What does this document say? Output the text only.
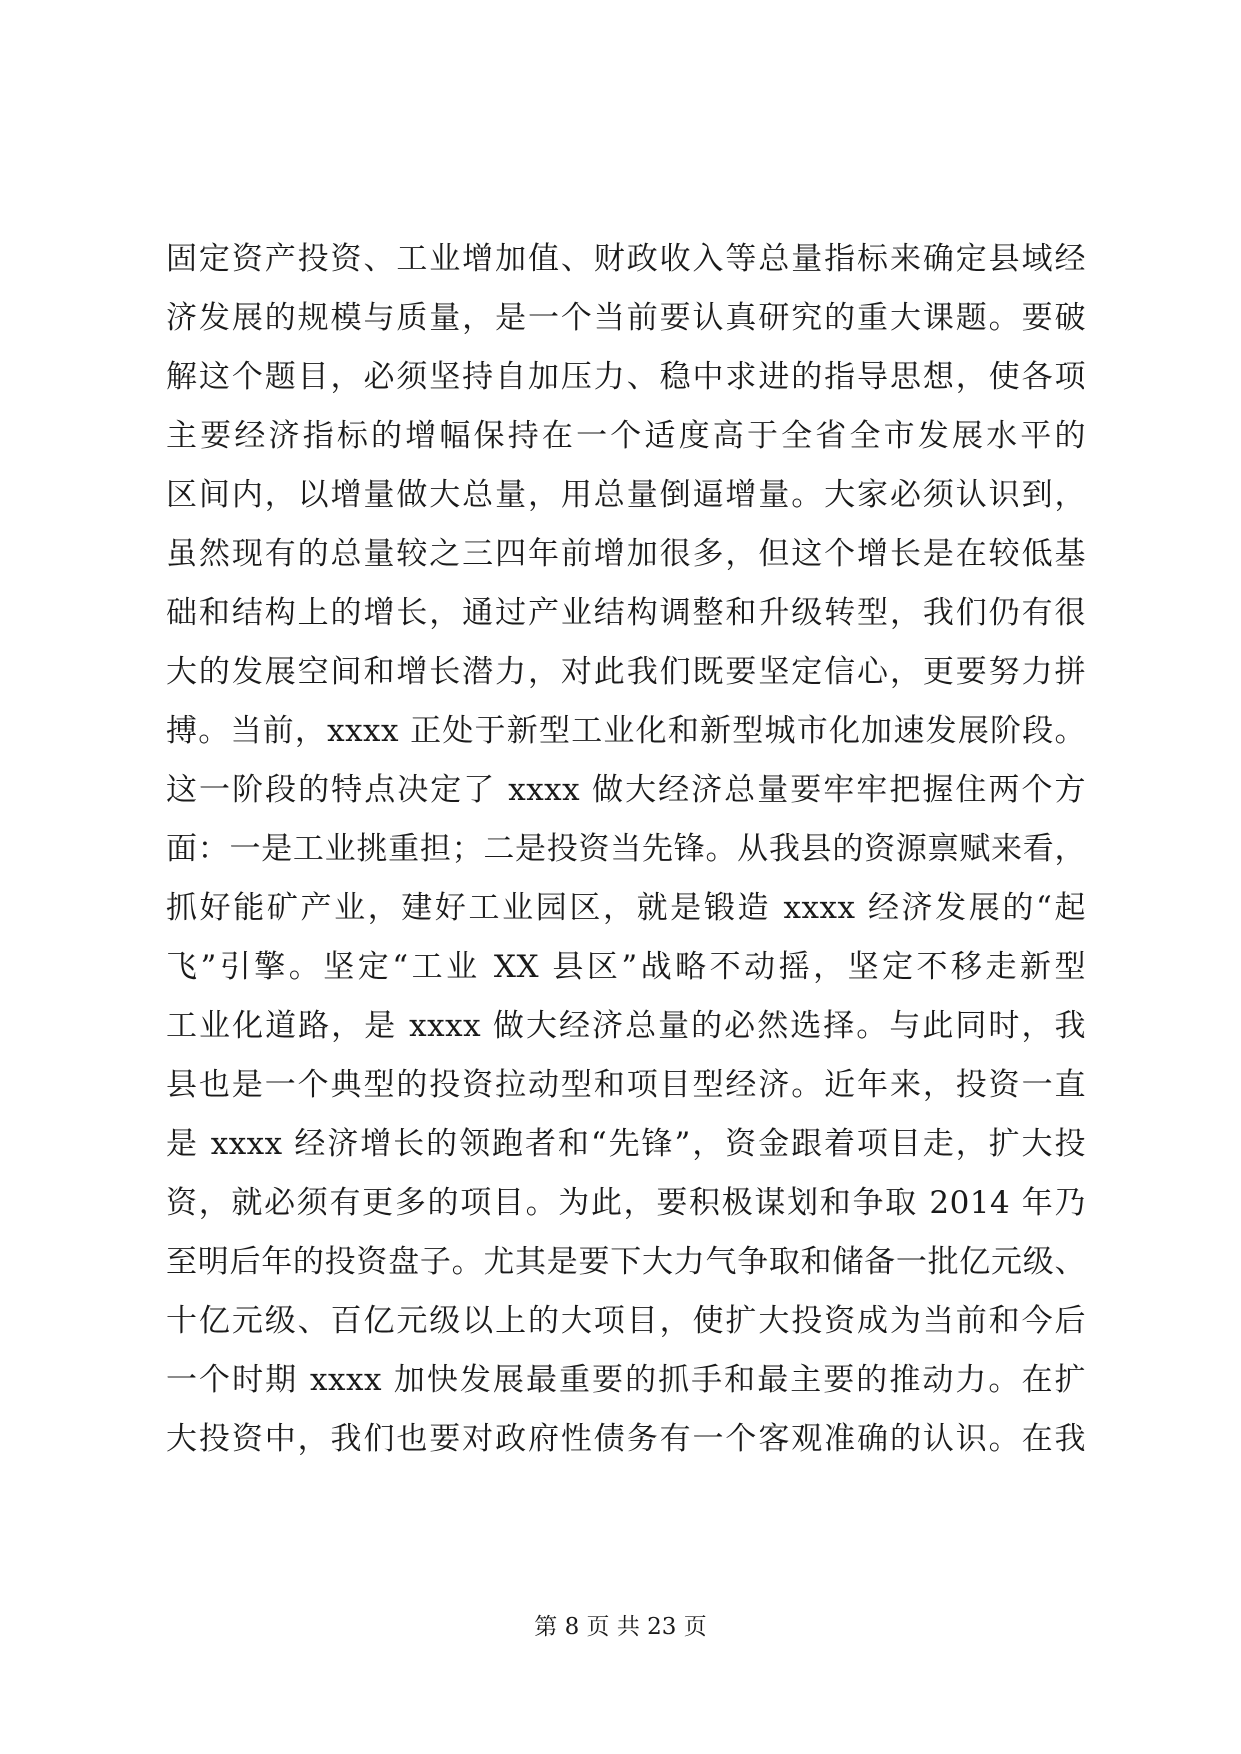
固定资产投资、工业增加值、财政收入等总量指标来确定县域经
济发展的规模与质量，是一个当前要认真研究的重大课题。要破
解这个题目，必须坚持自加压力、稳中求进的指导思想，使各项
主要经济指标的增幅保持在一个适度高于全省全市发展水平的
区间内，以增量做大总量，用总量倒逼增量。大家必须认识到，
虽然现有的总量较之三四年前增加很多，但这个增长是在较低基
础和结构上的增长，通过产业结构调整和升级转型，我们仍有很
大的发展空间和增长潜力，对此我们既要坚定信心，更要努力拼
搏。当前，xxxx 正处于新型工业化和新型城市化加速发展阶段。
这一阶段的特点决定了 xxxx 做大经济总量要牢牢把握住两个方
面：一是工业挑重担；二是投资当先锋。从我县的资源禀赋来看，
抓好能矿产业，建好工业园区，就是锻造 xxxx 经济发展的“起
飞”引擎。坚定“工业 XX 县区”战略不动摇，坚定不移走新型
工业化道路，是 xxxx 做大经济总量的必然选择。与此同时，我
县也是一个典型的投资拉动型和项目型经济。近年来，投资一直
是 xxxx 经济增长的领跑者和“先锋”，资金跟着项目走，扩大投
资，就必须有更多的项目。为此，要积极谋划和争取 2014 年乃
至明后年的投资盘子。尤其是要下大力气争取和储备一批亿元级、
十亿元级、百亿元级以上的大项目，使扩大投资成为当前和今后
一个时期 xxxx 加快发展最重要的抓手和最主要的推动力。在扩
大投资中，我们也要对政府性债务有一个客观准确的认识。在我
第 8 页 共 23 页
